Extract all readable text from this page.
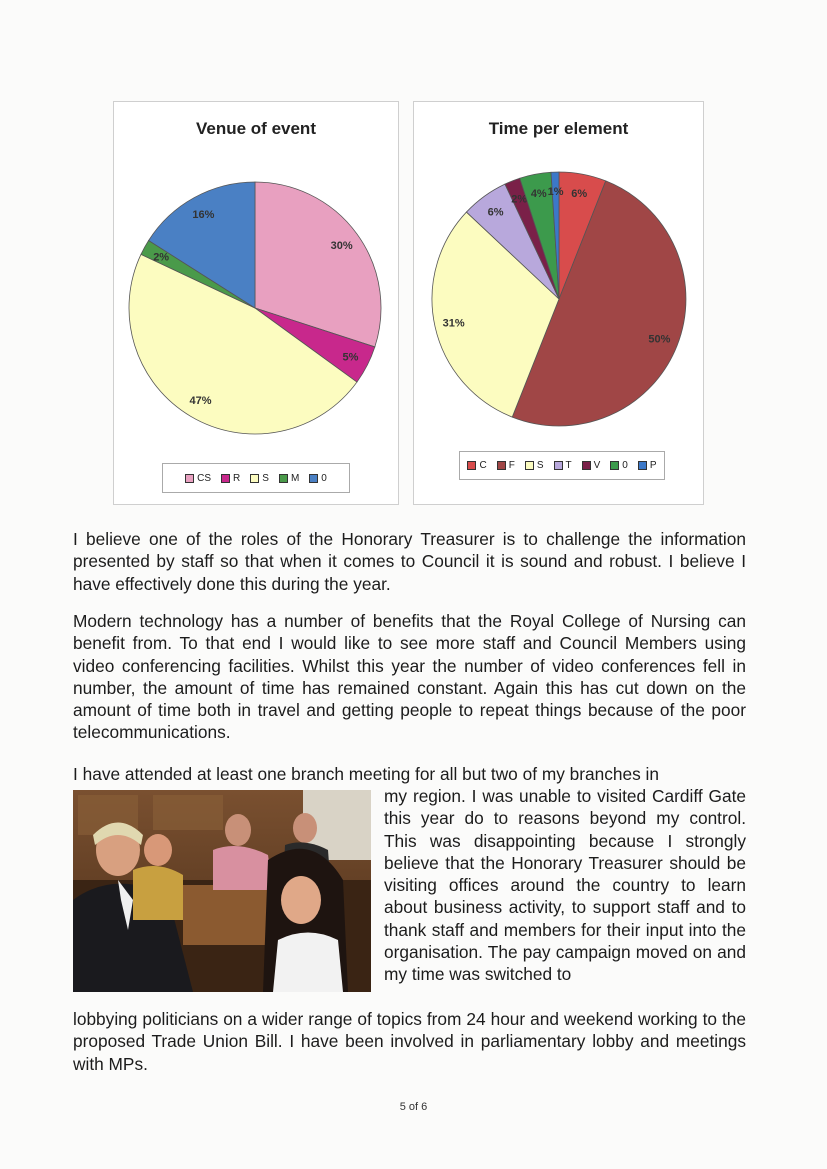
Venue of event
30%
5%
47%
2%
16%
CS R S M 0
Time per element
6%
50%
31%
6%
2% 4% 1%
C F S T V 0 P

I believe one of the roles of the Honorary Treasurer is to challenge the information presented by staff so that when it comes to Council it is sound and robust. I believe I have effectively done this during the year.

Modern technology has a number of benefits that the Royal College of Nursing can benefit from. To that end I would like to see more staff and Council Members using video conferencing facilities. Whilst this year the number of video conferences fell in number, the amount of time has remained constant. Again this has cut down on the amount of time both in travel and getting people to repeat things because of the poor telecommunications.

I have attended at least one branch meeting for all but two of my branches in

my region. I was unable to visited Cardiff Gate this year do to reasons beyond my control. This was disappointing because I strongly believe that the Honorary Treasurer should be visiting offices around the country to learn about business activity, to support staff and to thank staff and members for their input into the organisation. The pay campaign moved on and my time was switched to

lobbying politicians on a wider range of topics from 24 hour and weekend working to the proposed Trade Union Bill. I have been involved in parliamentary lobby and meetings with MPs.

5 of 6
